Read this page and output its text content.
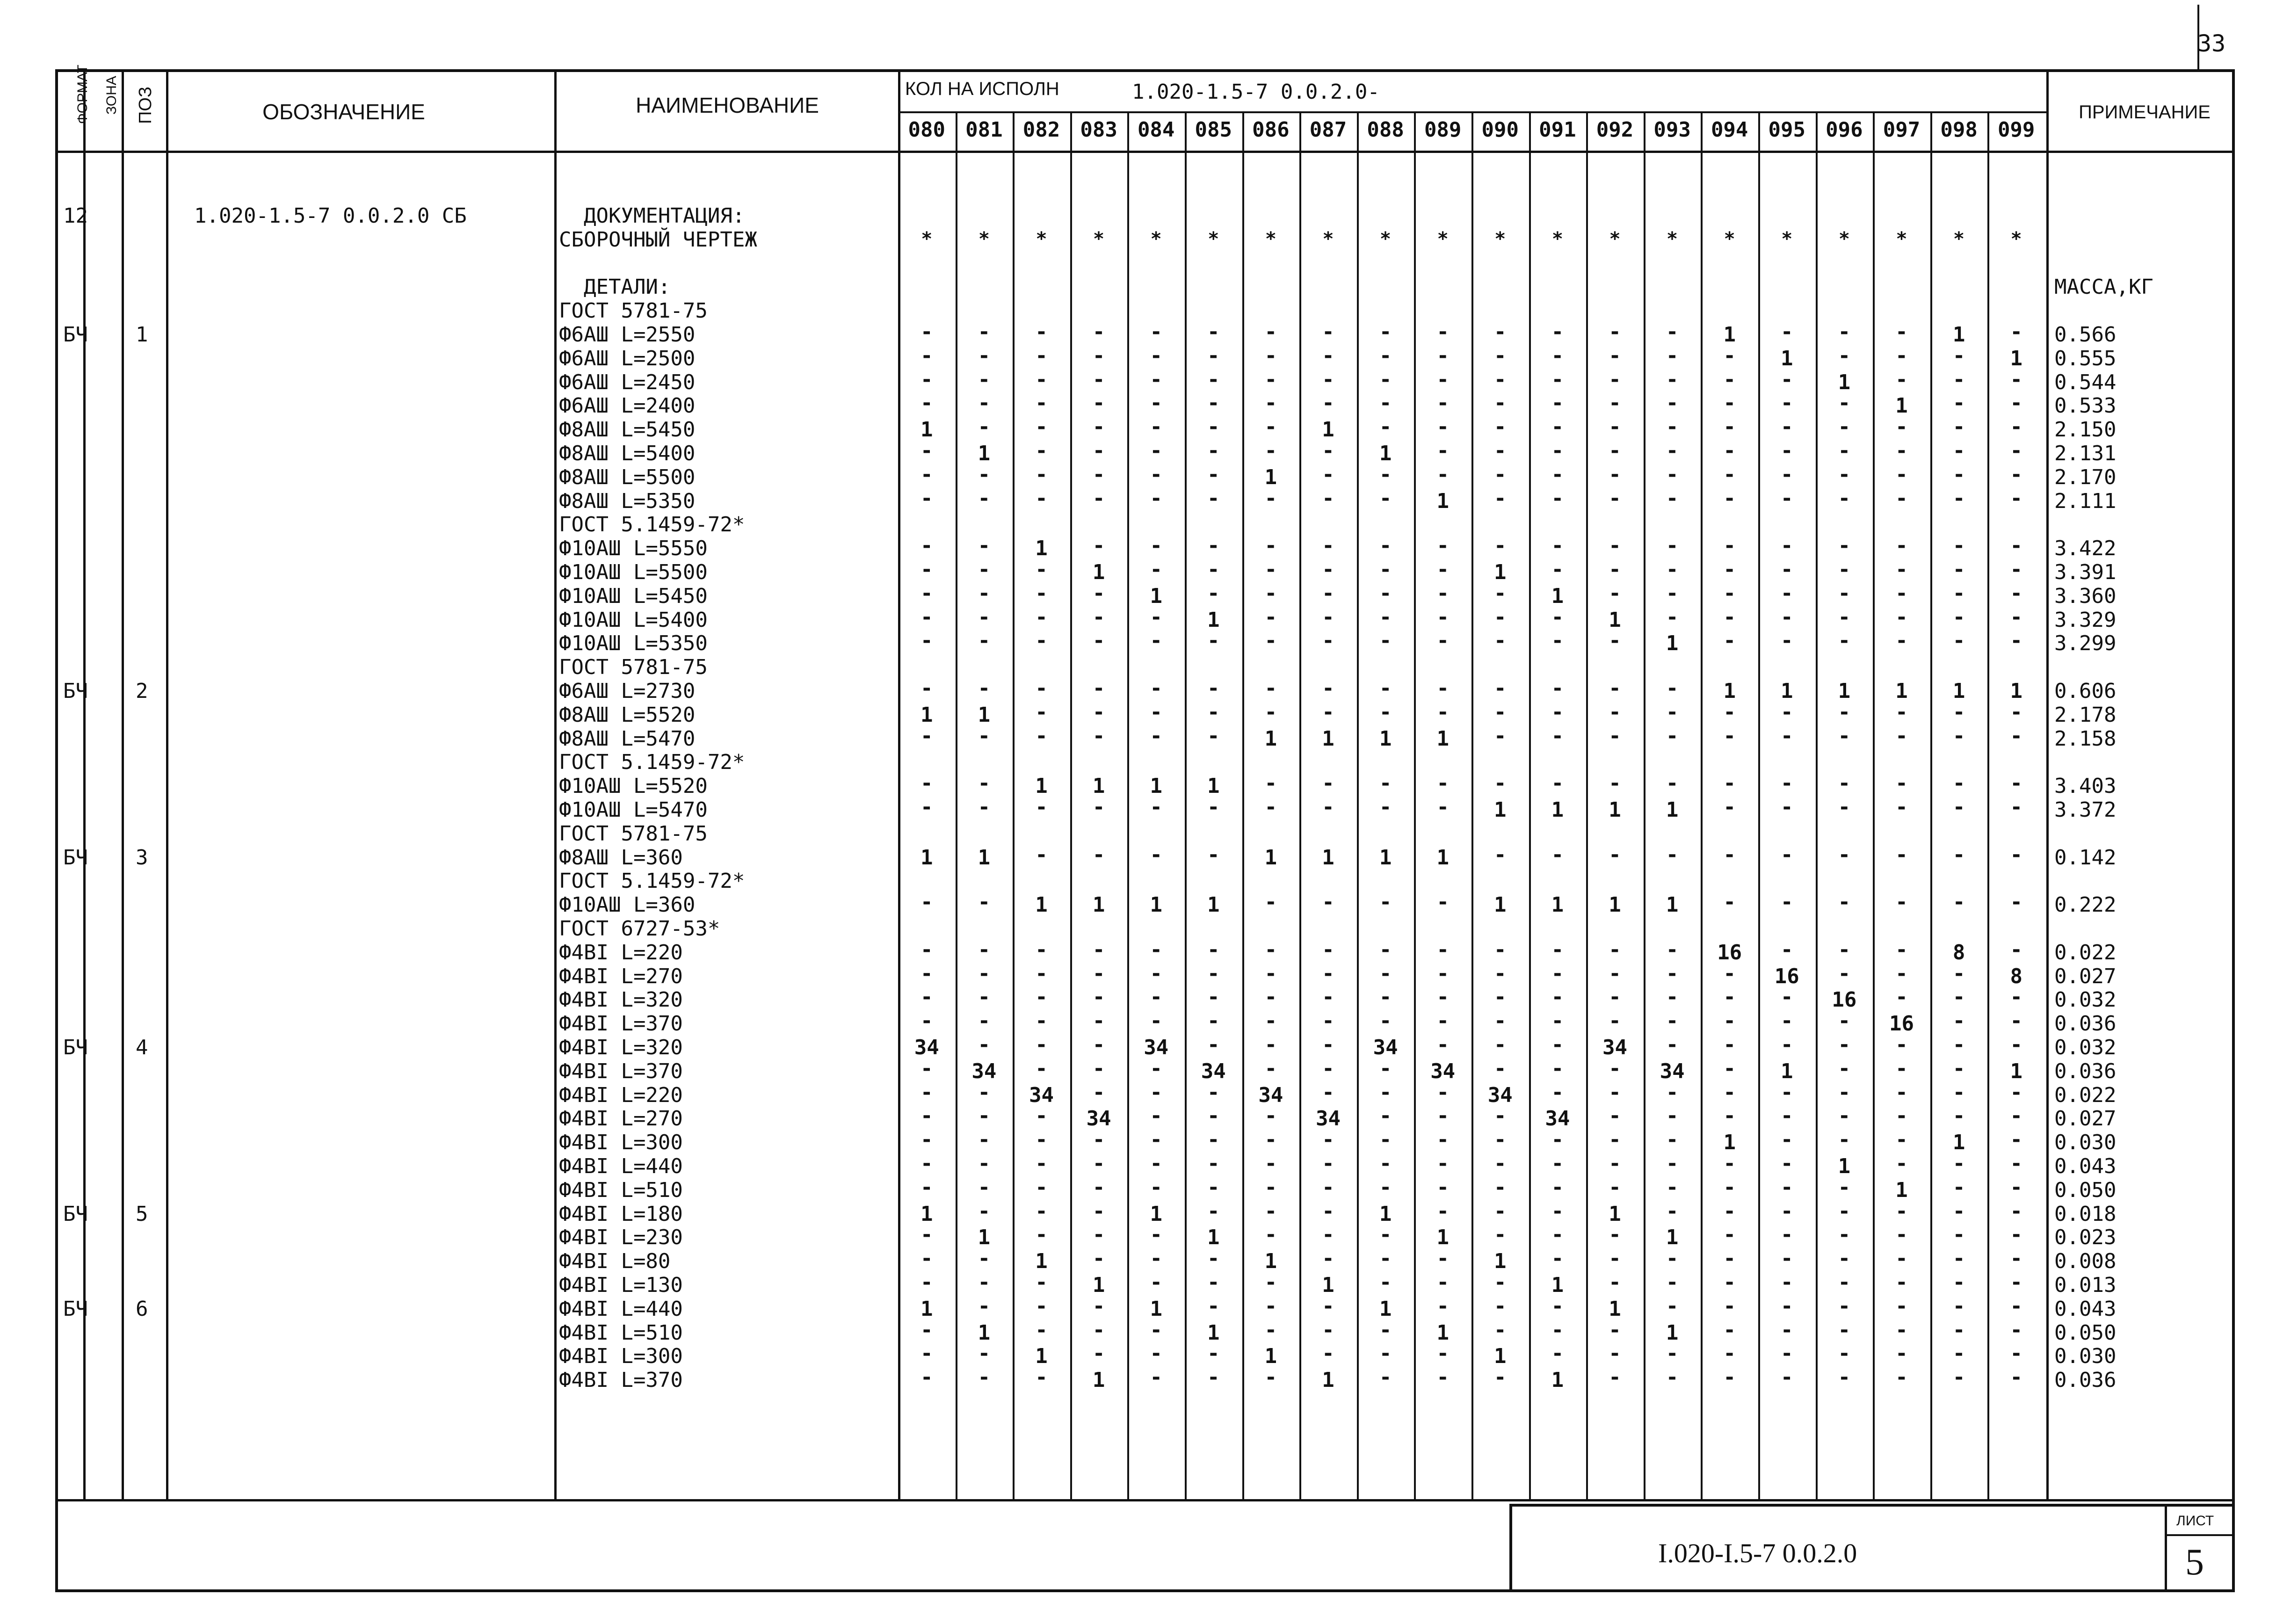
33
ФОРМАТ ЗОНА ПОЗ	ОБОЗНАЧЕНИЕ	НАИМЕНОВАНИЕ
КОЛ НА ИСПОЛН	1.020-1.5-7 0.0.2.0-
ПРИМЕЧАНИЕ
080 081 082 083 084 085 086 087 088 089 090 091 092 093 094 095 096 097 098 099
12	1.020-1.5-7 0.0.2.0 СБ	ДОКУМЕНТАЦИЯ:
СБОРОЧНЫЙ ЧЕРТЕЖ	* * * * * * * * * * * * * * * * * * * *
ДЕТАЛИ:	МАССА,КГ
ГОСТ 5781-75
БЧ 1	Ф6АШ L=2550	- - - - - - - - - - - - - - 1 - - - 1 - 0.566
Ф6АШ L=2500	- - - - - - - - - - - - - - - 1 - - - 1 0.555
Ф6АШ L=2450	- - - - - - - - - - - - - - - - 1 - - - 0.544
Ф6АШ L=2400	- - - - - - - - - - - - - - - - - 1 - - 0.533
Ф8АШ L=5450	1 - - - - - - 1 - - - - - - - - - - - - 2.150
Ф8АШ L=5400	- 1 - - - - - - 1 - - - - - - - - - - - 2.131
Ф8АШ L=5500	- - - - - - 1 - - - - - - - - - - - - - 2.170
Ф8АШ L=5350	- - - - - - - - - 1 - - - - - - - - - - 2.111
ГОСТ 5.1459-72*
Ф10АШ L=5550	- - 1 - - - - - - - - - - - - - - - - - 3.422
Ф10АШ L=5500	- - - 1 - - - - - - 1 - - - - - - - - - 3.391
Ф10АШ L=5450	- - - - 1 - - - - - - 1 - - - - - - - - 3.360
Ф10АШ L=5400	- - - - - 1 - - - - - - 1 - - - - - - - 3.329
Ф10АШ L=5350	- - - - - - - - - - - - - 1 - - - - - - 3.299
ГОСТ 5781-75
БЧ 2	Ф6АШ L=2730	- - - - - - - - - - - - - - 1 1 1 1 1 1 0.606
Ф8АШ L=5520	1 1 - - - - - - - - - - - - - - - - - - 2.178
Ф8АШ L=5470	- - - - - - 1 1 1 1 - - - - - - - - - - 2.158
ГОСТ 5.1459-72*
Ф10АШ L=5520	- - 1 1 1 1 - - - - - - - - - - - - - - 3.403
Ф10АШ L=5470	- - - - - - - - - - 1 1 1 1 - - - - - - 3.372
ГОСТ 5781-75
БЧ 3	Ф8АШ L=360	1 1 - - - - 1 1 1 1 - - - - - - - - - - 0.142
ГОСТ 5.1459-72*
Ф10АШ L=360	- - 1 1 1 1 - - - - 1 1 1 1 - - - - - - 0.222
ГОСТ 6727-53*
Ф4BI L=220	- - - - - - - - - - - - - - 16 - - - 8 - 0.022
Ф4BI L=270	- - - - - - - - - - - - - - - 16 - - - 8 0.027
Ф4BI L=320	- - - - - - - - - - - - - - - - 16 - - - 0.032
Ф4BI L=370	- - - - - - - - - - - - - - - - - 16 - - 0.036
БЧ 4	Ф4BI L=320	34 - - - 34 - - - 34 - - - 34 - - - - - - - 0.032
Ф4BI L=370	- 34 - - - 34 - - - 34 - - - 34 - 1 - - - 1 0.036
Ф4BI L=220	- - 34 - - - 34 - - - 34 - - - - - - - - - 0.022
Ф4BI L=270	- - - 34 - - - 34 - - - 34 - - - - - - - - 0.027
Ф4BI L=300	- - - - - - - - - - - - - - 1 - - - 1 - 0.030
Ф4BI L=440	- - - - - - - - - - - - - - - - 1 - - - 0.043
Ф4BI L=510	- - - - - - - - - - - - - - - - - 1 - - 0.050
БЧ 5	Ф4BI L=180	1 - - - 1 - - - 1 - - - 1 - - - - - - - 0.018
Ф4BI L=230	- 1 - - - 1 - - - 1 - - - 1 - - - - - - 0.023
Ф4BI L=80	- - 1 - - - 1 - - - 1 - - - - - - - - - 0.008
Ф4BI L=130	- - - 1 - - - 1 - - - 1 - - - - - - - - 0.013
БЧ 6	Ф4BI L=440	1 - - - 1 - - - 1 - - - 1 - - - - - - - 0.043
Ф4BI L=510	- 1 - - - 1 - - - 1 - - - 1 - - - - - - 0.050
Ф4BI L=300	- - 1 - - - 1 - - - 1 - - - - - - - - - 0.030
Ф4BI L=370	- - - 1 - - - 1 - - - 1 - - - - - - - - 0.036
I.020-I.5-7 0.0.2.0
ЛИСТ
5
